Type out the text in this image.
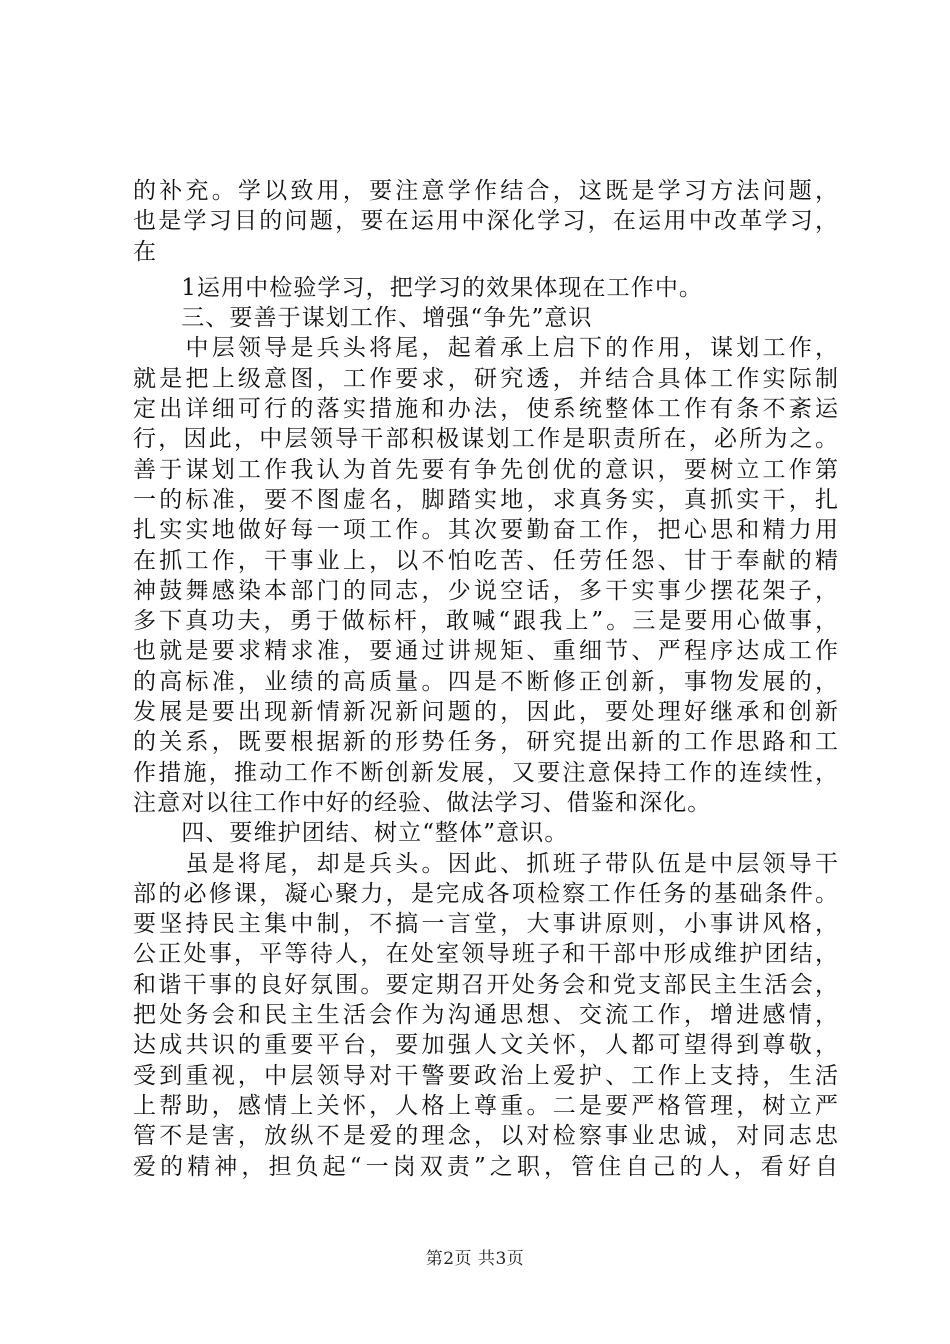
的补充。学以致用，要注意学作结合，这既是学习方法问题，
也是学习目的问题，要在运用中深化学习，在运用中改革学习，
在
　　1运用中检验学习，把学习的效果体现在工作中。
　　三、要善于谋划工作、增强“争先”意识
　　中层领导是兵头将尾，起着承上启下的作用，谋划工作，
就是把上级意图，工作要求，研究透，并结合具体工作实际制
定出详细可行的落实措施和办法，使系统整体工作有条不紊运
行，因此，中层领导干部积极谋划工作是职责所在，必所为之。
善于谋划工作我认为首先要有争先创优的意识，要树立工作第
一的标准，要不图虚名，脚踏实地，求真务实，真抓实干，扎
扎实实地做好每一项工作。其次要勤奋工作，把心思和精力用
在抓工作，干事业上，以不怕吃苦、任劳任怨、甘于奉献的精
神鼓舞感染本部门的同志，少说空话，多干实事少摆花架子，
多下真功夫，勇于做标杆，敢喊“跟我上”。三是要用心做事，
也就是要求精求准，要通过讲规矩、重细节、严程序达成工作
的高标准，业绩的高质量。四是不断修正创新，事物发展的，
发展是要出现新情新况新问题的，因此，要处理好继承和创新
的关系，既要根据新的形势任务，研究提出新的工作思路和工
作措施，推动工作不断创新发展，又要注意保持工作的连续性，
注意对以往工作中好的经验、做法学习、借鉴和深化。
　　四、要维护团结、树立“整体”意识。
　　虽是将尾，却是兵头。因此、抓班子带队伍是中层领导干
部的必修课，凝心聚力，是完成各项检察工作任务的基础条件。
要坚持民主集中制，不搞一言堂，大事讲原则，小事讲风格，
公正处事，平等待人，在处室领导班子和干部中形成维护团结，
和谐干事的良好氛围。要定期召开处务会和党支部民主生活会，
把处务会和民主生活会作为沟通思想、交流工作，增进感情，
达成共识的重要平台，要加强人文关怀，人都可望得到尊敬，
受到重视，中层领导对干警要政治上爱护、工作上支持，生活
上帮助，感情上关怀，人格上尊重。二是要严格管理，树立严
管不是害，放纵不是爱的理念，以对检察事业忠诚，对同志忠
爱的精神，担负起“一岗双责”之职，管住自己的人，看好自
第2页 共3页
